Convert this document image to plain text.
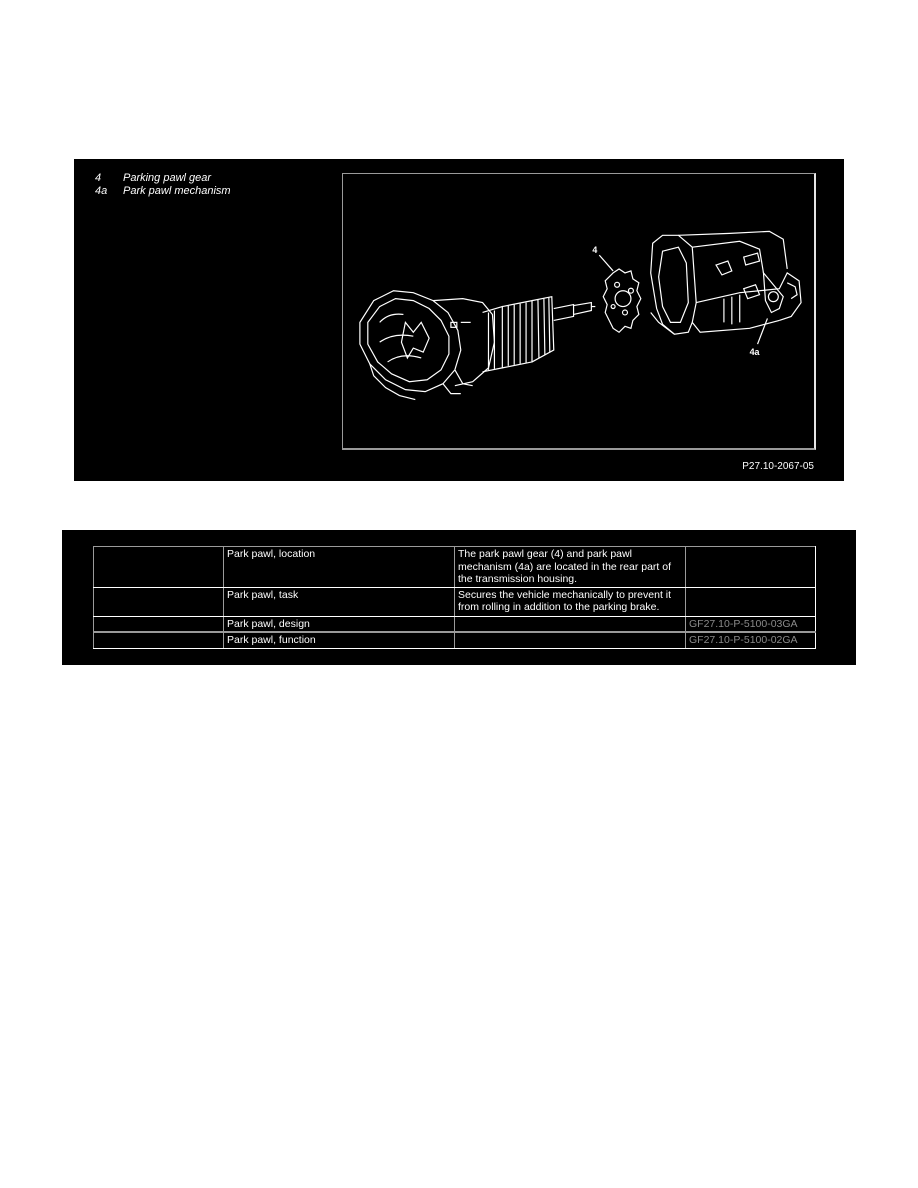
4	Parking pawl gear
4a	Park pawl mechanism
4
4a
P27.10-2067-05
	Park pawl, location	The park pawl gear (4) and park pawl mechanism (4a) are located in the rear part of the transmission housing.	
	Park pawl, task	Secures the vehicle mechanically to prevent it from rolling in addition to the parking brake.	
	Park pawl, design		GF27.10-P-5100-03GA
	Park pawl, function		GF27.10-P-5100-02GA
